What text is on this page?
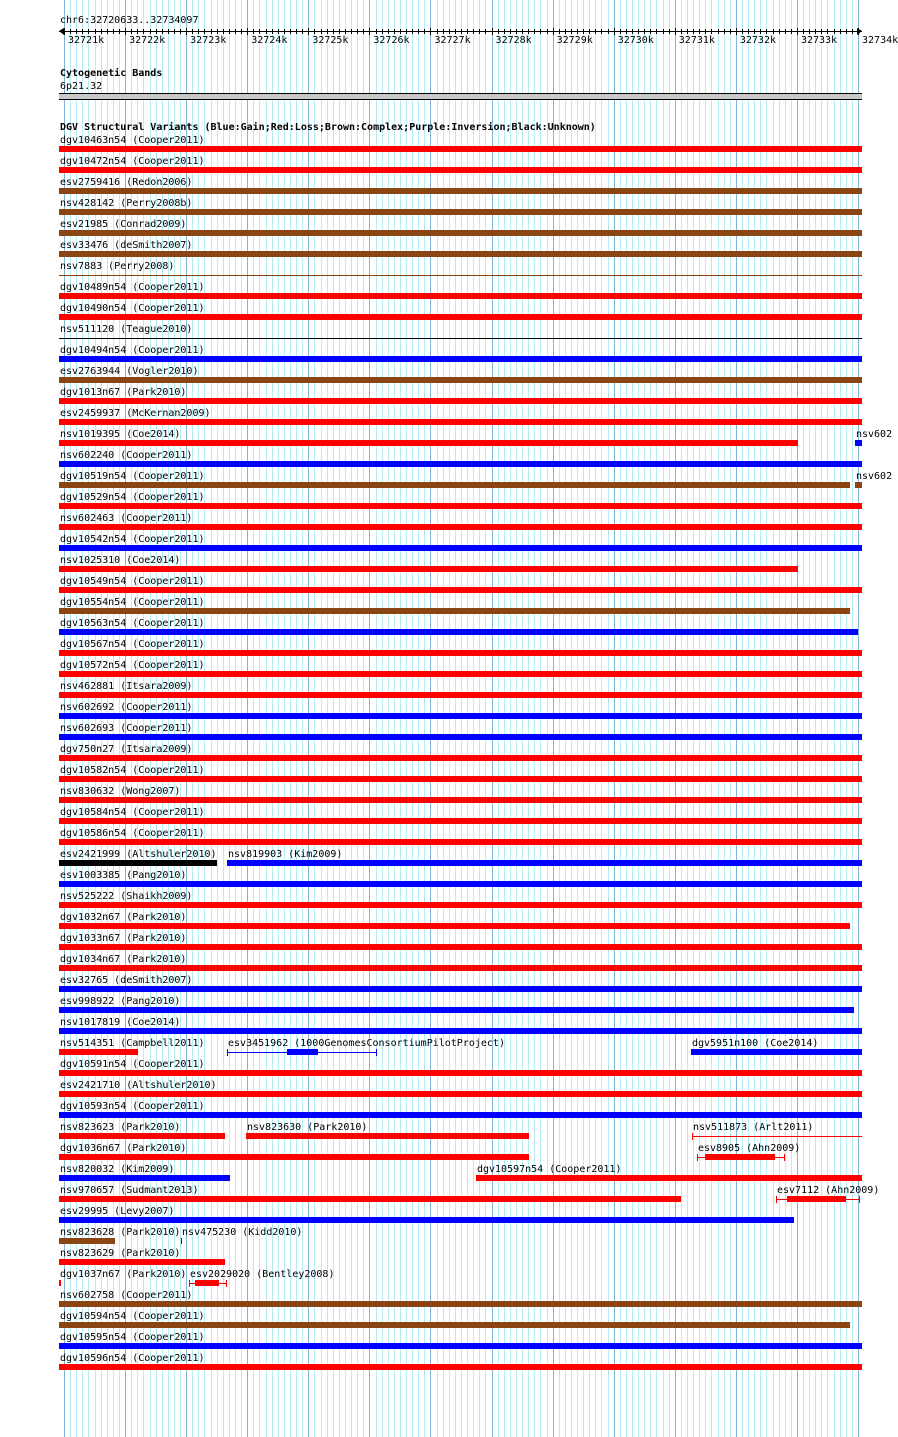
chr6:32720633..32734097
32721k 32722k 32723k 32724k 32725k 32726k 32727k 32728k 32729k 32730k 32731k 32732k 32733k 32734k
Cytogenetic Bands
6p21.32
DGV Structural Variants (Blue:Gain;Red:Loss;Brown:Complex;Purple:Inversion;Black:Unknown)
dgv10463n54 (Cooper2011)
dgv10472n54 (Cooper2011)
esv2759416 (Redon2006)
nsv428142 (Perry2008b)
esv21985 (Conrad2009)
esv33476 (deSmith2007)
nsv7883 (Perry2008)
dgv10489n54 (Cooper2011)
dgv10490n54 (Cooper2011)
nsv511120 (Teague2010)
dgv10494n54 (Cooper2011)
esv2763944 (Vogler2010)
dgv1013n67 (Park2010)
esv2459937 (McKernan2009)
nsv1019395 (Coe2014)	nsv602
nsv602240 (Cooper2011)
dgv10519n54 (Cooper2011)	nsv602
dgv10529n54 (Cooper2011)
nsv602463 (Cooper2011)
dgv10542n54 (Cooper2011)
nsv1025310 (Coe2014)
dgv10549n54 (Cooper2011)
dgv10554n54 (Cooper2011)
dgv10563n54 (Cooper2011)
dgv10567n54 (Cooper2011)
dgv10572n54 (Cooper2011)
nsv462881 (Itsara2009)
nsv602692 (Cooper2011)
nsv602693 (Cooper2011)
dgv750n27 (Itsara2009)
dgv10582n54 (Cooper2011)
nsv830632 (Wong2007)
dgv10584n54 (Cooper2011)
dgv10586n54 (Cooper2011)
esv2421999 (Altshuler2010) nsv819903 (Kim2009)
esv1003385 (Pang2010)
nsv525222 (Shaikh2009)
dgv1032n67 (Park2010)
dgv1033n67 (Park2010)
dgv1034n67 (Park2010)
esv32765 (deSmith2007)
esv998922 (Pang2010)
nsv1017819 (Coe2014)
nsv514351 (Campbell2011) esv3451962 (1000GenomesConsortiumPilotProject)	dgv5951n100 (Coe2014)
dgv10591n54 (Cooper2011)
esv2421710 (Altshuler2010)
dgv10593n54 (Cooper2011)
nsv823623 (Park2010)	nsv823630 (Park2010)	nsv511873 (Arlt2011)
dgv1036n67 (Park2010)	esv8905 (Ahn2009)
nsv820032 (Kim2009)	dgv10597n54 (Cooper2011)
nsv970657 (Sudmant2013)	esv7112 (Ahn2009)
esv29995 (Levy2007)
nsv823628 (Park2010) nsv475230 (Kidd2010)
nsv823629 (Park2010)
dgv1037n67 (Park2010) esv2029020 (Bentley2008)
nsv602758 (Cooper2011)
dgv10594n54 (Cooper2011)
dgv10595n54 (Cooper2011)
dgv10596n54 (Cooper2011)
